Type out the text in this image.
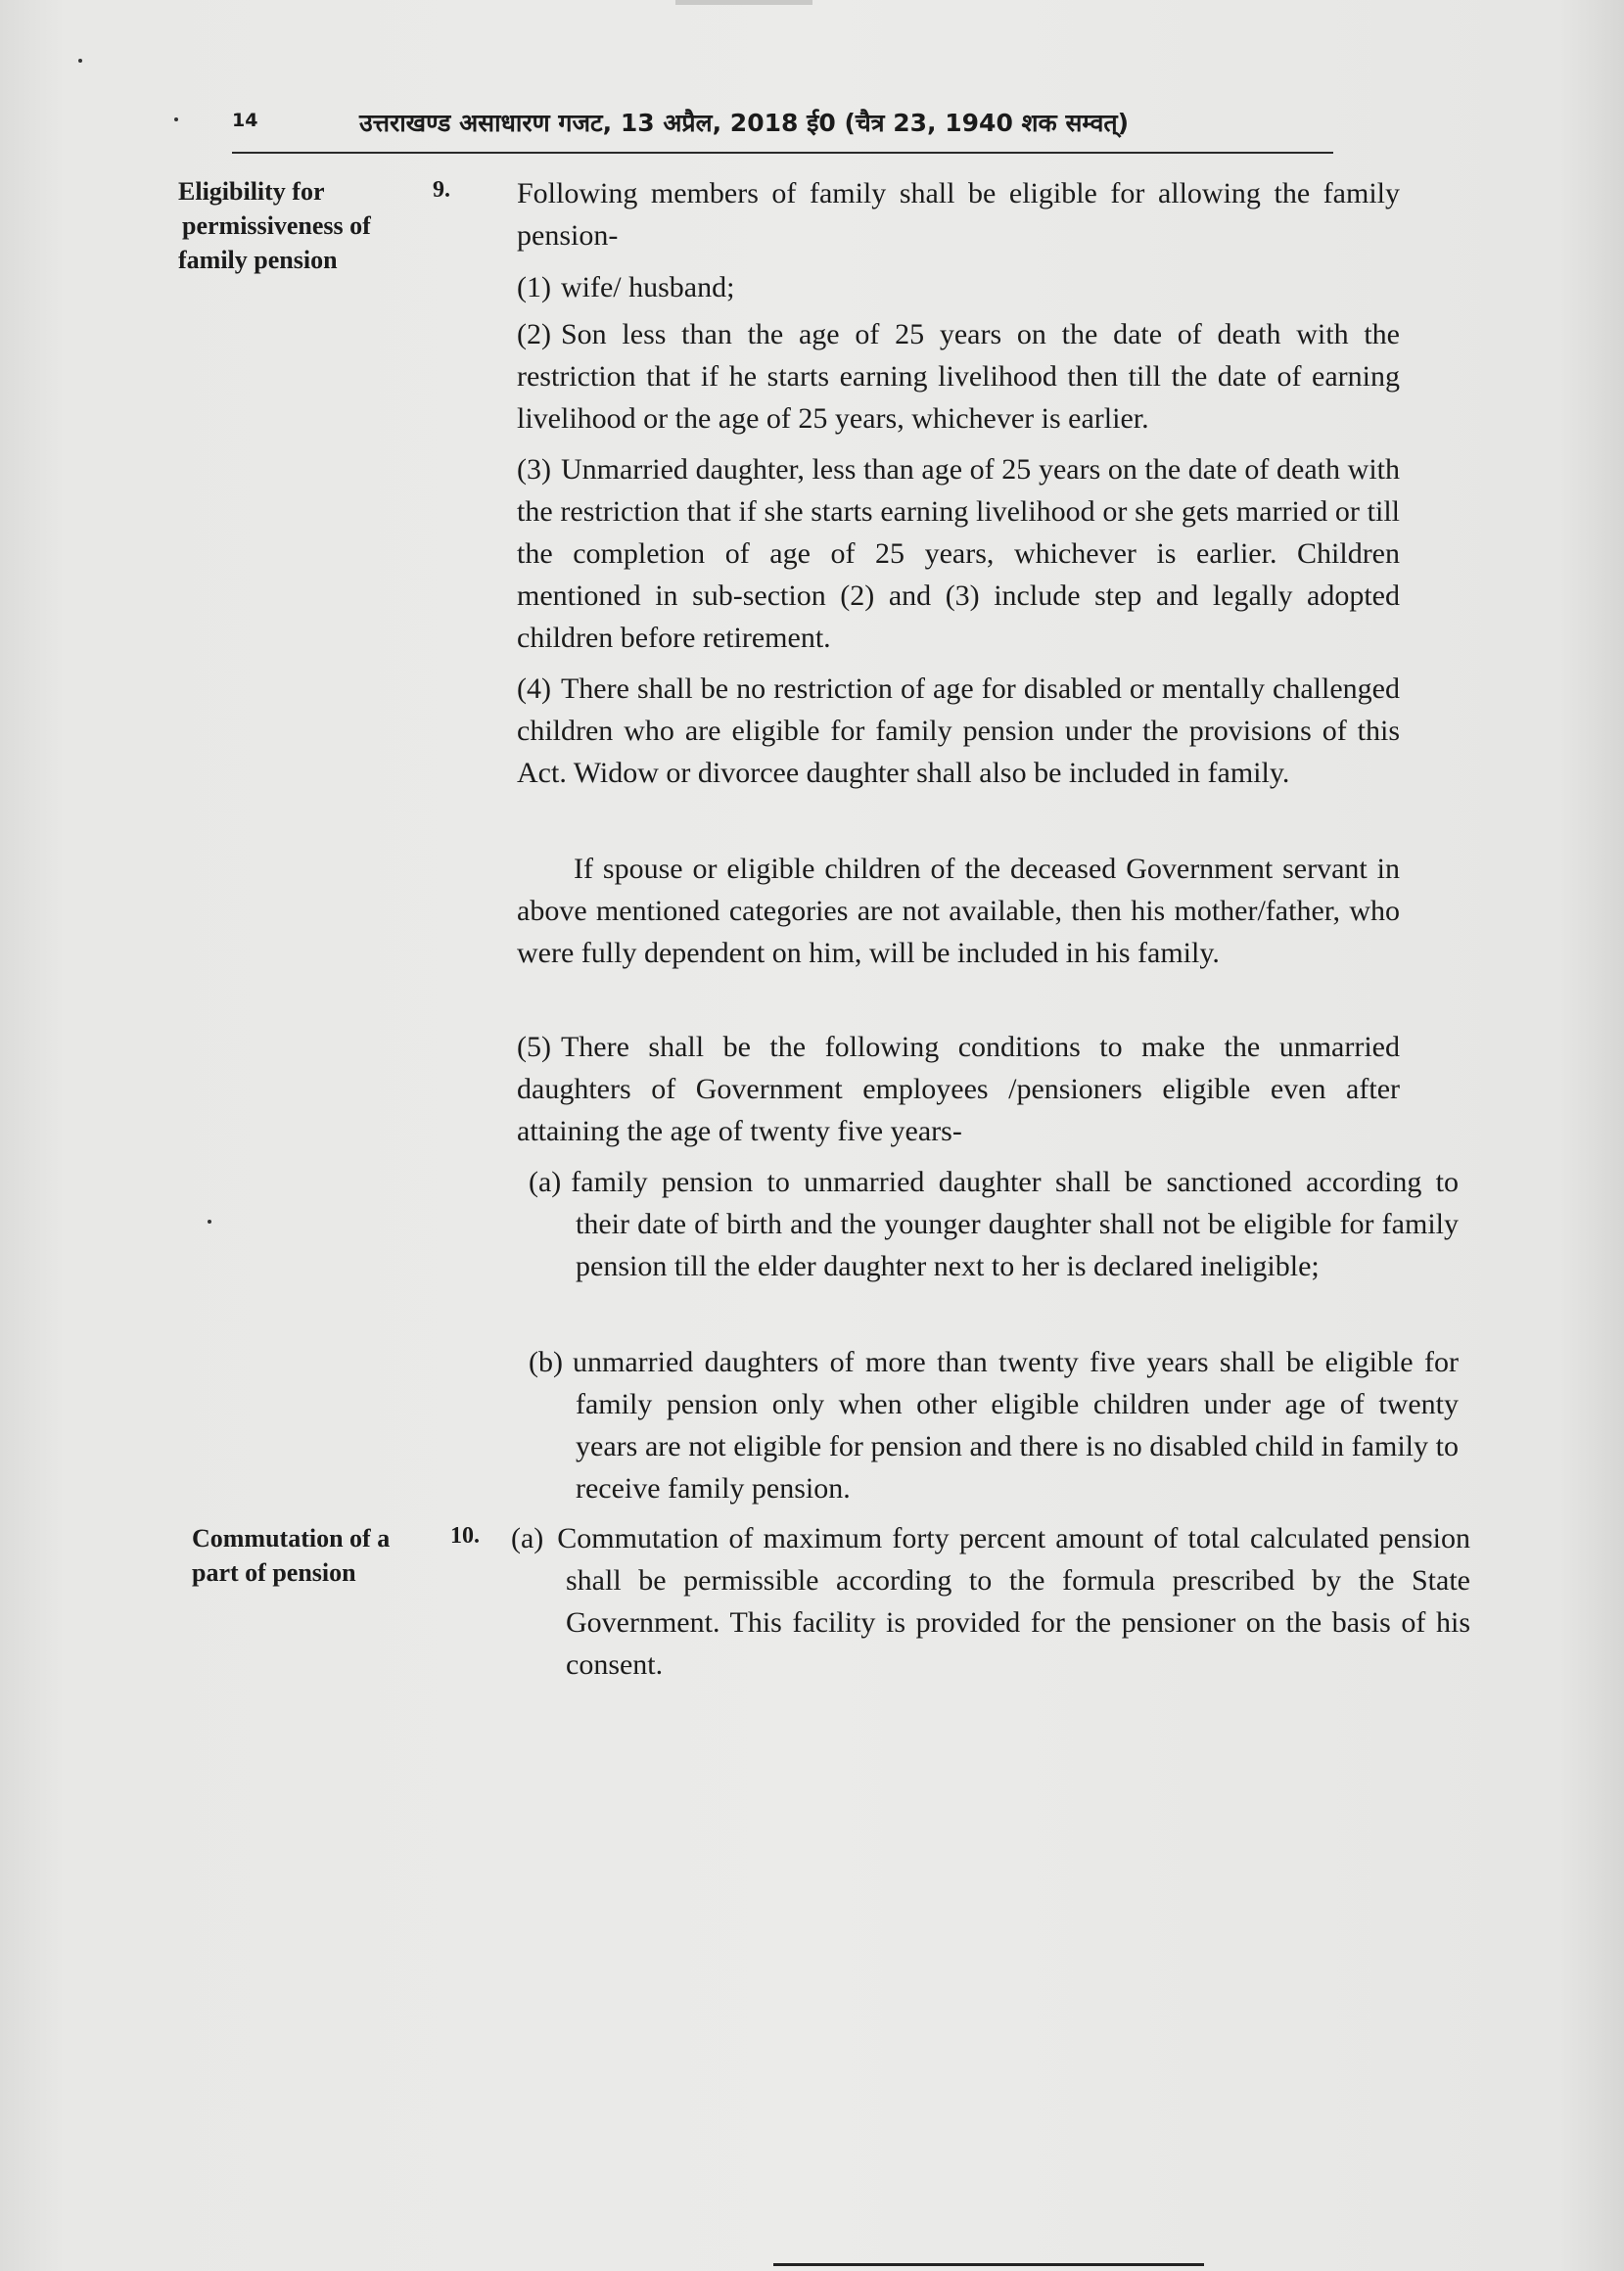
14	उत्तराखण्ड असाधारण गजट, 13 अप्रैल, 2018 ई0 (चैत्र 23, 1940 शक सम्वत्)
Eligibility for
permissiveness of
family pension
9. Following members of family shall be eligible for allowing the family pension-
(1) wife/ husband;
(2) Son less than the age of 25 years on the date of death with the restriction that if he starts earning livelihood then till the date of earning livelihood or the age of 25 years, whichever is earlier.
(3) Unmarried daughter, less than age of 25 years on the date of death with the restriction that if she starts earning livelihood or she gets married or till the completion of age of 25 years, whichever is earlier. Children mentioned in sub-section (2) and (3) include step and legally adopted children before retirement.
(4) There shall be no restriction of age for disabled or mentally challenged children who are eligible for family pension under the provisions of this Act. Widow or divorcee daughter shall also be included in family.
If spouse or eligible children of the deceased Government servant in above mentioned categories are not available, then his mother/father, who were fully dependent on him, will be included in his family.
(5) There shall be the following conditions to make the unmarried daughters of Government employees /pensioners eligible even after attaining the age of twenty five years-
(a) family pension to unmarried daughter shall be sanctioned according to their date of birth and the younger daughter shall not be eligible for family pension till the elder daughter next to her is declared ineligible;
(b) unmarried daughters of more than twenty five years shall be eligible for family pension only when other eligible children under age of twenty years are not eligible for pension and there is no disabled child in family to receive family pension.
Commutation of a
part of pension
10. (a) Commutation of maximum forty percent amount of total calculated pension shall be permissible according to the formula prescribed by the State Government. This facility is provided for the pensioner on the basis of his consent.
